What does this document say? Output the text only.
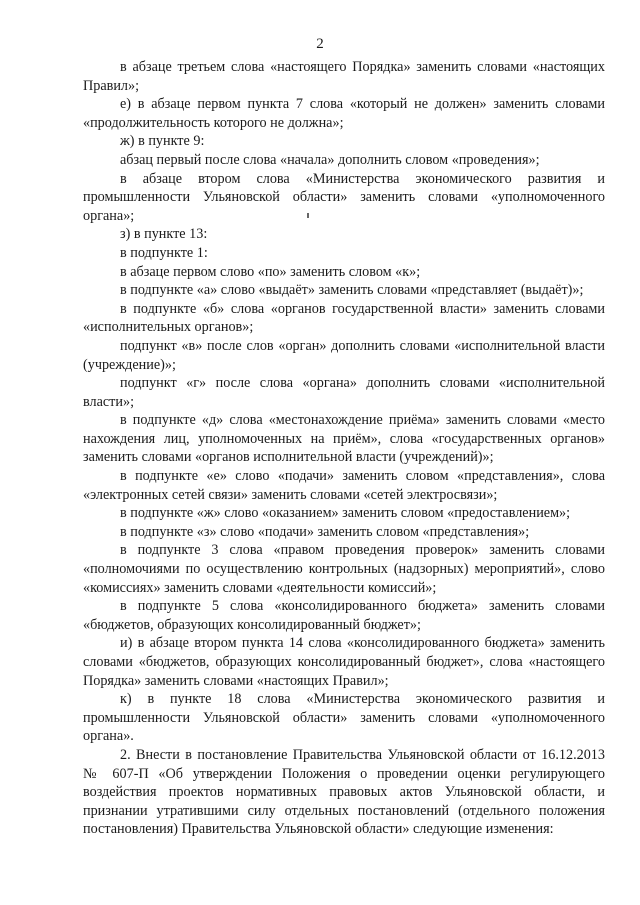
2

в абзаце третьем слова «настоящего Порядка» заменить словами «настоящих Правил»;

е) в абзаце первом пункта 7 слова «который не должен» заменить словами «продолжительность которого не должна»;

ж) в пункте 9:

абзац первый после слова «начала» дополнить словом «проведения»;

в абзаце втором слова «Министерства экономического развития и промышленности Ульяновской области» заменить словами «уполномоченного органа»;

з) в пункте 13:

в подпункте 1:

в абзаце первом слово «по» заменить словом «к»;

в подпункте «а» слово «выдаёт» заменить словами «представляет (выдаёт)»;

в подпункте «б» слова «органов государственной власти» заменить словами «исполнительных органов»;

подпункт «в» после слов «орган» дополнить словами «исполнительной власти (учреждение)»;

подпункт «г» после слова «органа» дополнить словами «исполнительной власти»;

в подпункте «д» слова «местонахождение приёма» заменить словами «место нахождения лиц, уполномоченных на приём», слова «государственных органов» заменить словами «органов исполнительной власти (учреждений)»;

в подпункте «е» слово «подачи» заменить словом «представления», слова «электронных сетей связи» заменить словами «сетей электросвязи»;

в подпункте «ж» слово «оказанием» заменить словом «предоставлением»;

в подпункте «з» слово «подачи» заменить словом «представления»;

в подпункте 3 слова «правом проведения проверок» заменить словами «полномочиями по осуществлению контрольных (надзорных) мероприятий», слово «комиссиях» заменить словами «деятельности комиссий»;

в подпункте 5 слова «консолидированного бюджета» заменить словами «бюджетов, образующих консолидированный бюджет»;

и) в абзаце втором пункта 14 слова «консолидированного бюджета» заменить словами «бюджетов, образующих консолидированный бюджет», слова «настоящего Порядка» заменить словами «настоящих Правил»;

к) в пункте 18 слова «Министерства экономического развития и промышленности Ульяновской области» заменить словами «уполномоченного органа».

2. Внести в постановление Правительства Ульяновской области от 16.12.2013 № 607-П «Об утверждении Положения о проведении оценки регулирующего воздействия проектов нормативных правовых актов Ульяновской области, и признании утратившими силу отдельных постановлений (отдельного положения постановления) Правительства Ульяновской области» следующие изменения:
